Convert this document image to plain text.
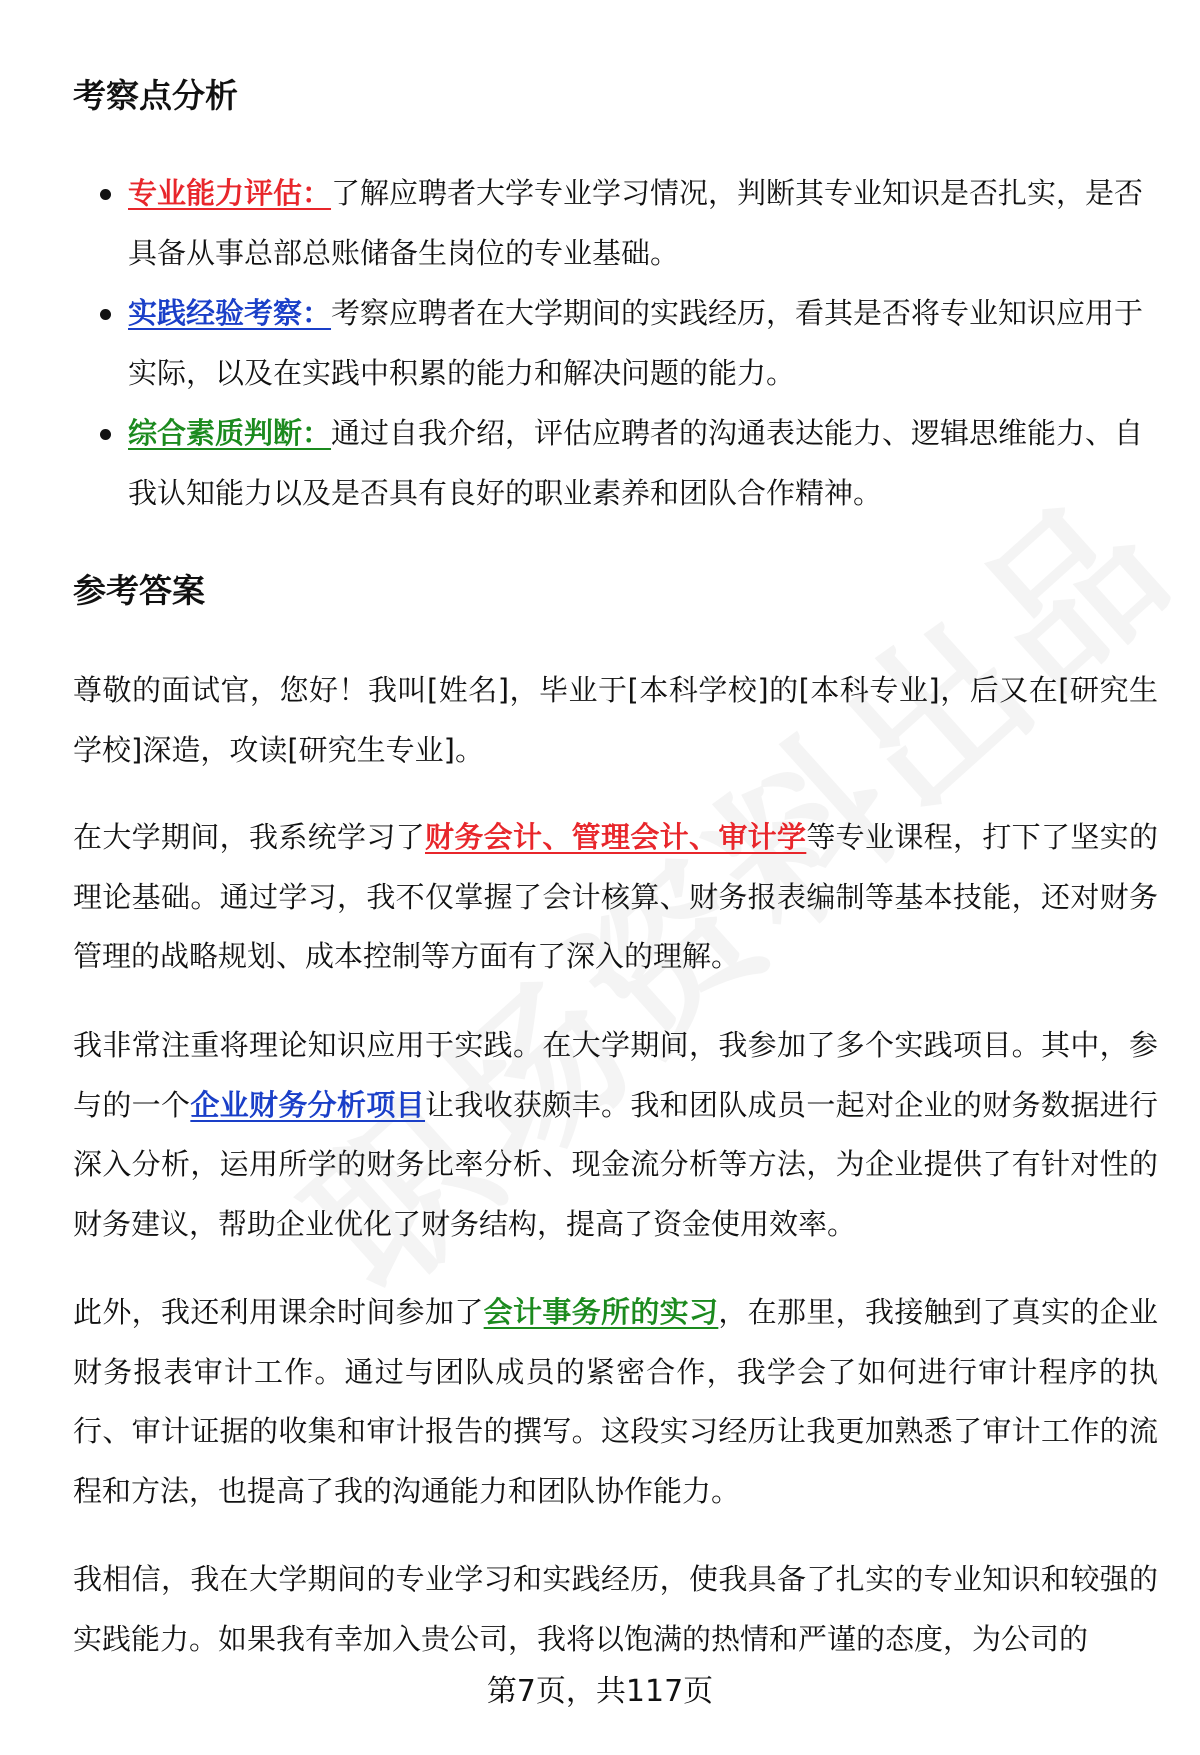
考察点分析
专业能力评估：了解应聘者大学专业学习情况，判断其专业知识是否扎实，是否具备从事总部总账储备生岗位的专业基础。
实践经验考察：考察应聘者在大学期间的实践经历，看其是否将专业知识应用于实际，以及在实践中积累的能力和解决问题的能力。
综合素质判断：通过自我介绍，评估应聘者的沟通表达能力、逻辑思维能力、自我认知能力以及是否具有良好的职业素养和团队合作精神。
参考答案

尊敬的面试官，您好！我叫[姓名]，毕业于[本科学校]的[本科专业]，后又在[研究生学校]深造，攻读[研究生专业]。

在大学期间，我系统学习了财务会计、管理会计、审计学等专业课程，打下了坚实的理论基础。通过学习，我不仅掌握了会计核算、财务报表编制等基本技能，还对财务管理的战略规划、成本控制等方面有了深入的理解。

我非常注重将理论知识应用于实践。在大学期间，我参加了多个实践项目。其中，参与的一个企业财务分析项目让我收获颇丰。我和团队成员一起对企业的财务数据进行深入分析，运用所学的财务比率分析、现金流分析等方法，为企业提供了有针对性的财务建议，帮助企业优化了财务结构，提高了资金使用效率。

此外，我还利用课余时间参加了会计事务所的实习，在那里，我接触到了真实的企业财务报表审计工作。通过与团队成员的紧密合作，我学会了如何进行审计程序的执行、审计证据的收集和审计报告的撰写。这段实习经历让我更加熟悉了审计工作的流程和方法，也提高了我的沟通能力和团队协作能力。

我相信，我在大学期间的专业学习和实践经历，使我具备了扎实的专业知识和较强的实践能力。如果我有幸加入贵公司，我将以饱满的热情和严谨的态度，为公司的

第7页，共117页
